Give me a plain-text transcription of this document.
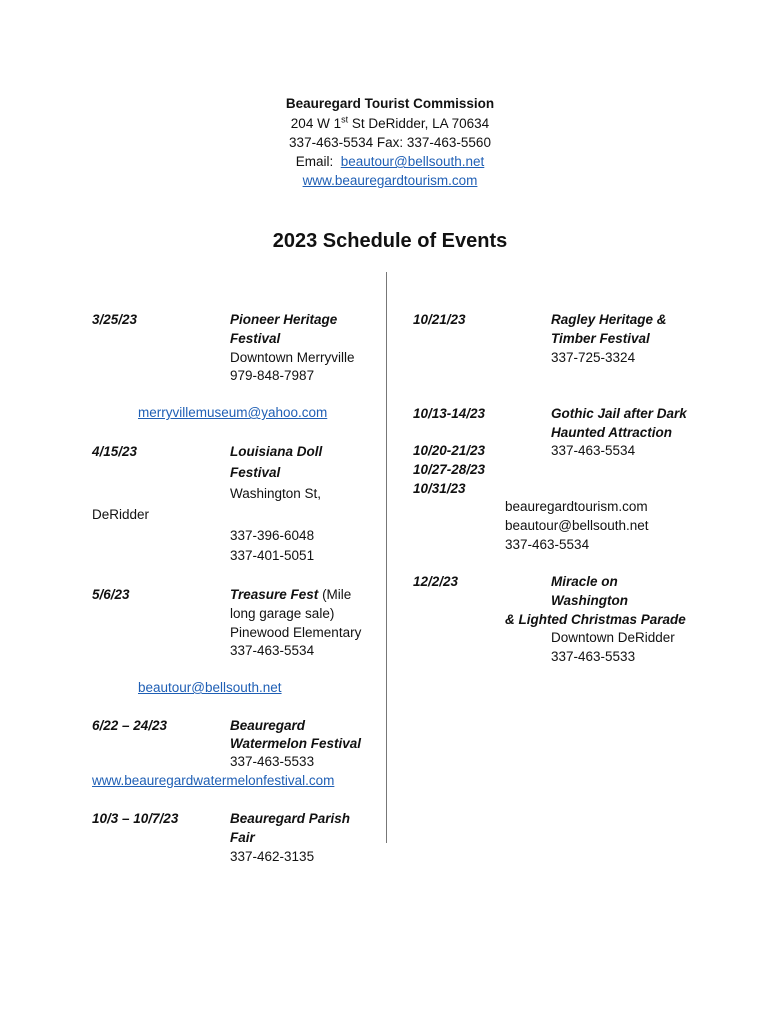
Beauregard Tourist Commission
204 W 1st St DeRidder, LA 70634
337-463-5534 Fax: 337-463-5560
Email: beautour@bellsouth.net
www.beauregardtourism.com
2023 Schedule of Events
3/25/23	Pioneer Heritage
Festival
Downtown Merryville
979-848-7987
merryvillemuseum@yahoo.com
4/15/23	Louisiana Doll
Festival
Washington St,
DeRidder
337-396-6048
337-401-5051
5/6/23	Treasure Fest (Mile
long garage sale)
Pinewood Elementary
337-463-5534
beautour@bellsouth.net
6/22 – 24/23	Beauregard
Watermelon Festival
337-463-5533
www.beauregardwatermelonfestival.com
10/3 – 10/7/23	Beauregard Parish
Fair
337-462-3135
10/21/23	Ragley Heritage &
Timber Festival
337-725-3324
10/13-14/23	Gothic Jail after Dark
Haunted Attraction
10/20-21/23	337-463-5534
10/27-28/23
10/31/23
beauregardtourism.com
beautour@bellsouth.net
337-463-5534
12/2/23	Miracle on
Washington
& Lighted Christmas Parade
Downtown DeRidder
337-463-5533
